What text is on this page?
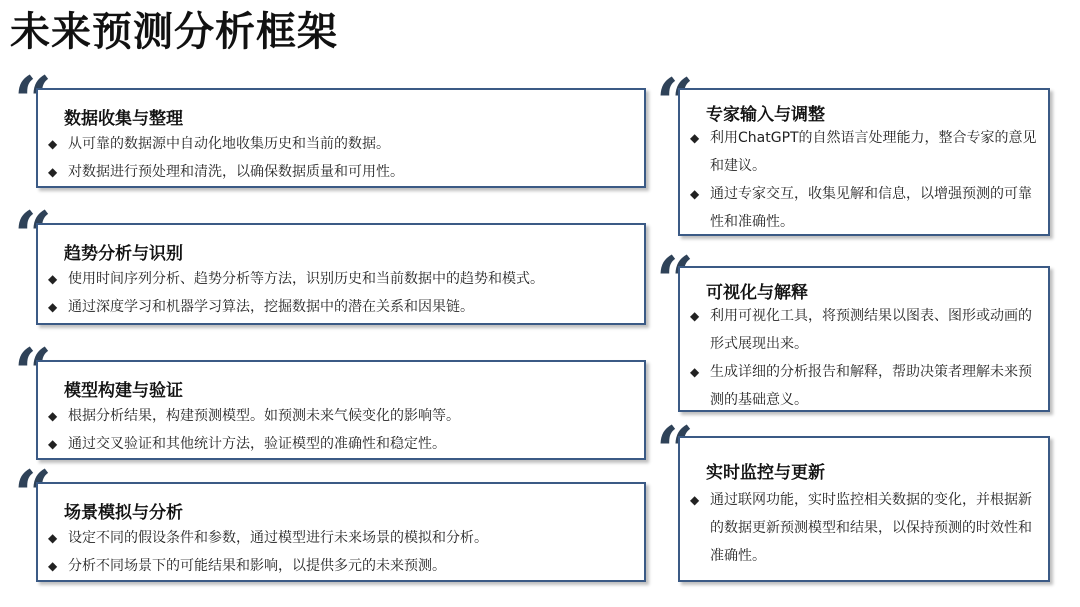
未来预测分析框架
“
数据收集与整理
◆ 从可靠的数据源中自动化地收集历史和当前的数据。
◆ 对数据进行预处理和清洗，以确保数据质量和可用性。
“
趋势分析与识别
◆ 使用时间序列分析、趋势分析等方法，识别历史和当前数据中的趋势和模式。
◆ 通过深度学习和机器学习算法，挖掘数据中的潜在关系和因果链。
“
模型构建与验证
◆ 根据分析结果，构建预测模型。如预测未来气候变化的影响等。
◆ 通过交叉验证和其他统计方法，验证模型的准确性和稳定性。
“
场景模拟与分析
◆ 设定不同的假设条件和参数，通过模型进行未来场景的模拟和分析。
◆ 分析不同场景下的可能结果和影响，以提供多元的未来预测。
“
专家输入与调整
◆ 利用ChatGPT的自然语言处理能力，整合专家的意见和建议。
◆ 通过专家交互，收集见解和信息，以增强预测的可靠性和准确性。
“
可视化与解释
◆ 利用可视化工具，将预测结果以图表、图形或动画的形式展现出来。
◆ 生成详细的分析报告和解释，帮助决策者理解未来预测的基础意义。
“
实时监控与更新
◆ 通过联网功能，实时监控相关数据的变化，并根据新的数据更新预测模型和结果，以保持预测的时效性和准确性。
